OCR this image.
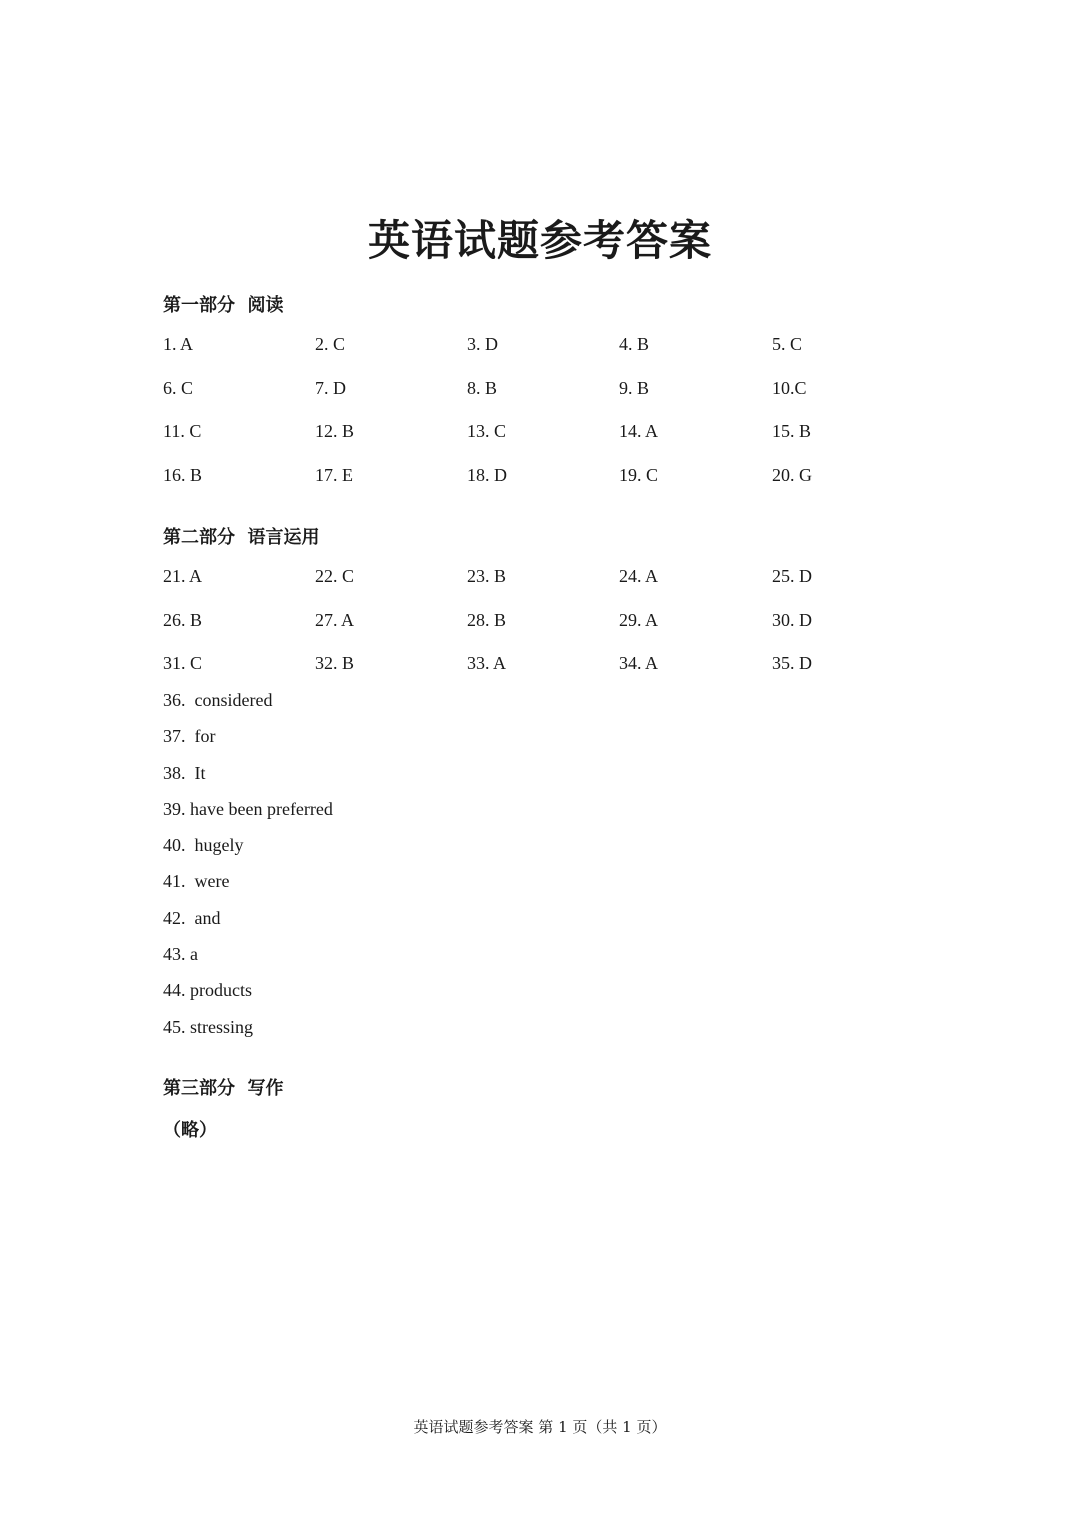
英语试题参考答案
第一部分  阅读
1. A	2. C	3. D	4. B	5. C
6. C	7. D	8. B	9. B	10.C
11. C	12. B	13. C	14. A	15. B
16. B	17. E	18. D	19. C	20. G
第二部分  语言运用
21. A	22. C	23. B	24. A	25. D
26. B	27. A	28. B	29. A	30. D
31. C	32. B	33. A	34. A	35. D
36.  considered
37.  for
38.  It
39. have been preferred
40.  hugely
41.  were
42.  and
43. a
44. products
45. stressing
第三部分  写作
（略）
英语试题参考答案 第 1 页（共 1 页）
